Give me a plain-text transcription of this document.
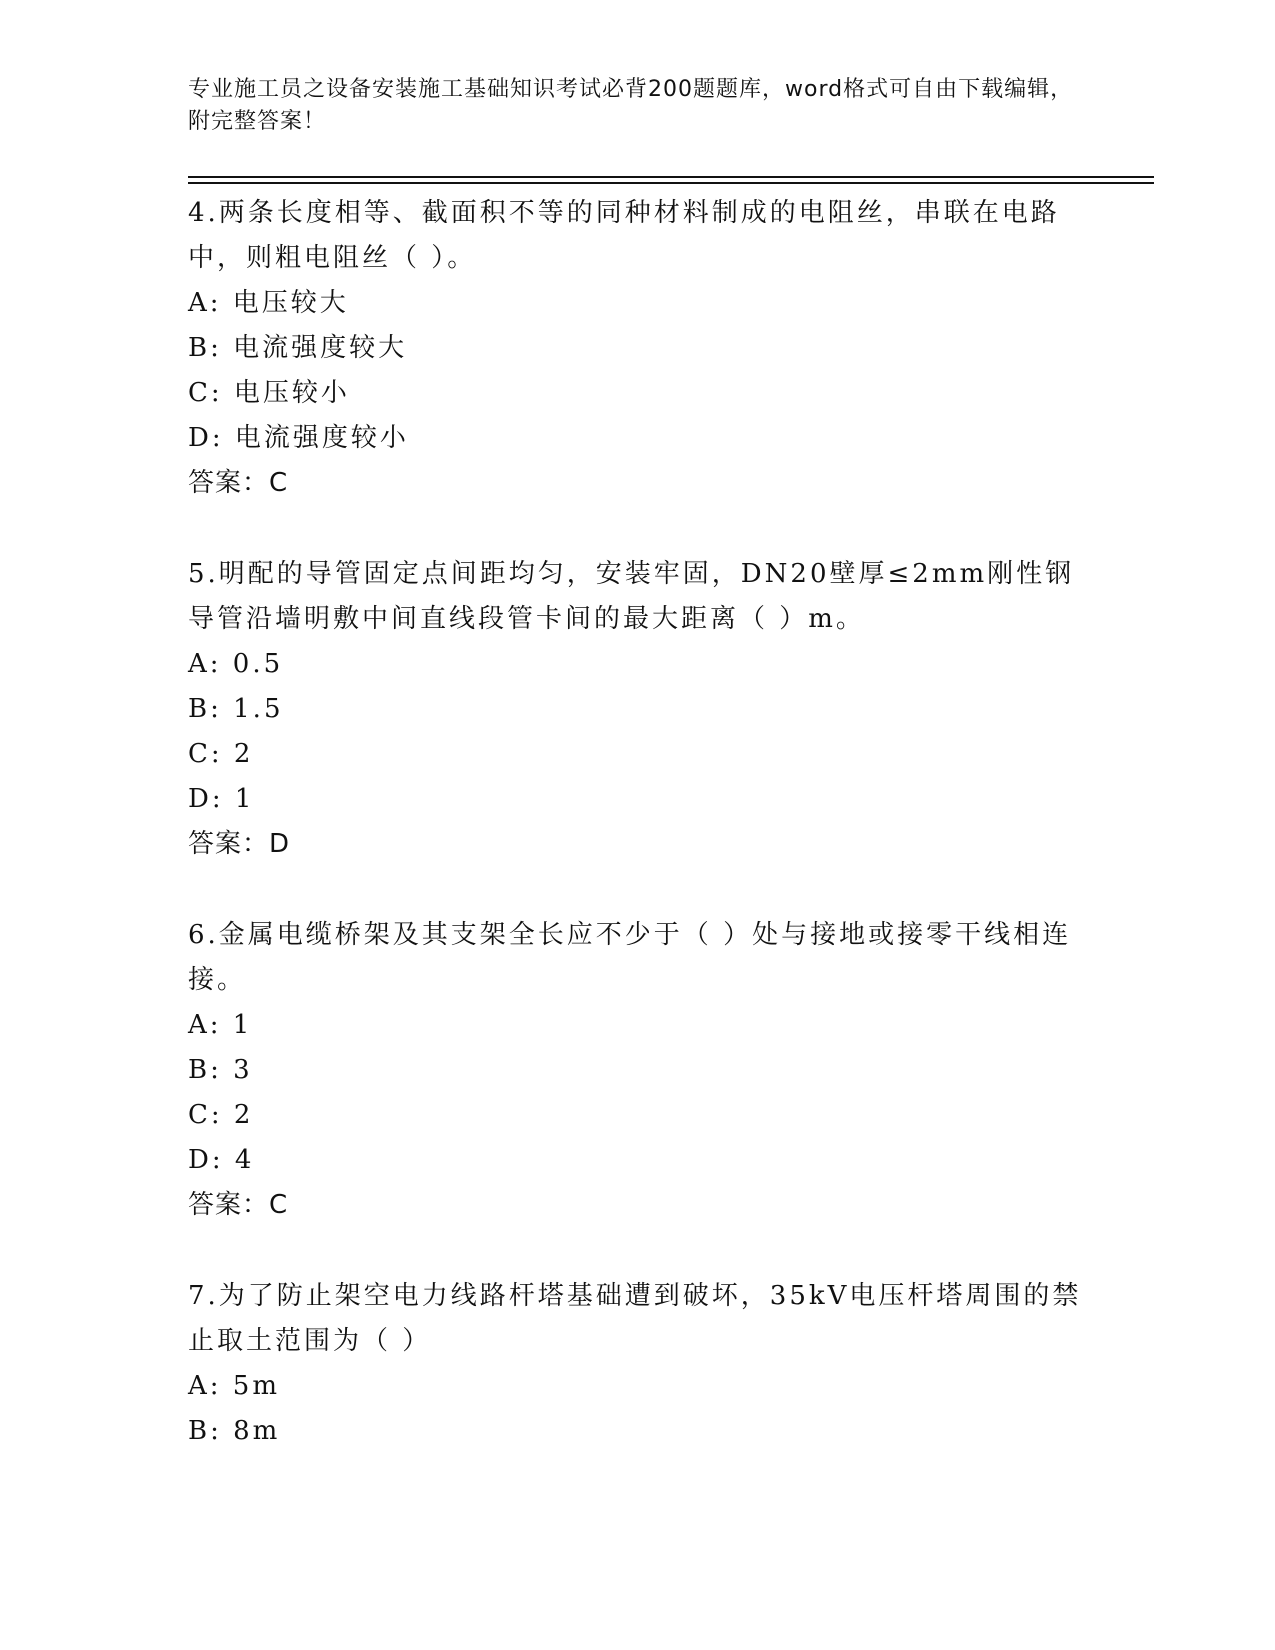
专业施工员之设备安装施工基础知识考试必背200题题库，word格式可自由下载编辑，附完整答案！

4.两条长度相等、截面积不等的同种材料制成的电阻丝，串联在电路中，则粗电阻丝（ ）。

A: 电压较大

B: 电流强度较大

C: 电压较小

D: 电流强度较小

答案：C

5.明配的导管固定点间距均匀，安装牢固，DN20壁厚≤2mm刚性钢导管沿墙明敷中间直线段管卡间的最大距离（ ）m。

A: 0.5

B: 1.5

C: 2

D: 1

答案：D

6.金属电缆桥架及其支架全长应不少于（ ）处与接地或接零干线相连接。

A: 1

B: 3

C: 2

D: 4

答案：C

7.为了防止架空电力线路杆塔基础遭到破坏，35kV电压杆塔周围的禁止取土范围为（ ）

A: 5m

B: 8m
